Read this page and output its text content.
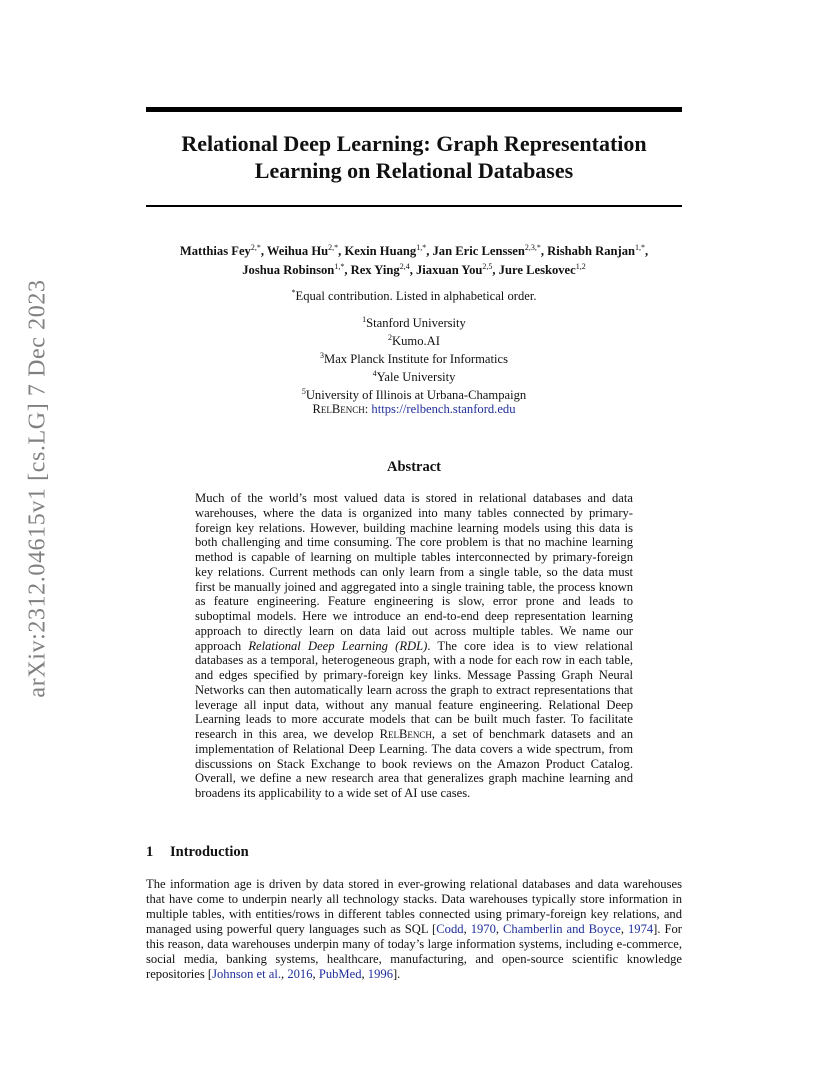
arXiv:2312.04615v1 [cs.LG] 7 Dec 2023
Relational Deep Learning: Graph Representation Learning on Relational Databases
Matthias Fey$^{2,*}$, Weihua $Hu^{2,*}$, Kexin Huang$^{1,*}$, Jan Eric Lenssen$^{2,3,*}$, Rishabh Ranjan$^{1,*}$,
Joshua Robinson$^{1,*}$, Rex Ying$^{2,4}$, Jiaxuan You$^{2,5}$, Jure Leskovec$^{1,2}$
*Equal contribution. Listed in alphabetical order.
$^1$Stanford University
$^2$Kumo.AI
$^3$Max Planck Institute for Informatics
$^4$Yale University
$^5$University of Illinois at Urbana-Champaign
RelBench: https://relbench.stanford.edu
Abstract

Much of the world’s most valued data is stored in relational databases and data warehouses, where the data is organized into many tables connected by primary-foreign key relations. However, building machine learning models using this data is both challenging and time consuming. The core problem is that no machine learning method is capable of learning on multiple tables interconnected by primary-foreign key relations. Current methods can only learn from a single table, so the data must first be manually joined and aggregated into a single training table, the process known as feature engineering. Feature engineering is slow, error prone and leads to suboptimal models. Here we introduce an end-to-end deep representation learning approach to directly learn on data laid out across multiple tables. We name our approach Relational Deep Learning (RDL). The core idea is to view relational databases as a temporal, heterogeneous graph, with a node for each row in each table, and edges specified by primary-foreign key links. Message Passing Graph Neural Networks can then automatically learn across the graph to extract representations that leverage all input data, without any manual feature engineering. Relational Deep Learning leads to more accurate models that can be built much faster. To facilitate research in this area, we develop RelBench, a set of benchmark datasets and an implementation of Relational Deep Learning. The data covers a wide spectrum, from discussions on Stack Exchange to book reviews on the Amazon Product Catalog. Overall, we define a new research area that generalizes graph machine learning and broadens its applicability to a wide set of AI use cases.

1 Introduction

The information age is driven by data stored in ever-growing relational databases and data warehouses that have come to underpin nearly all technology stacks. Data warehouses typically store information in multiple tables, with entities/rows in different tables connected using primary-foreign key relations, and managed using powerful query languages such as SQL [Codd, 1970, Chamberlin and Boyce, 1974]. For this reason, data warehouses underpin many of today’s large information systems, including e-commerce, social media, banking systems, healthcare, manufacturing, and open-source scientific knowledge repositories [Johnson et al., 2016, PubMed, 1996].
